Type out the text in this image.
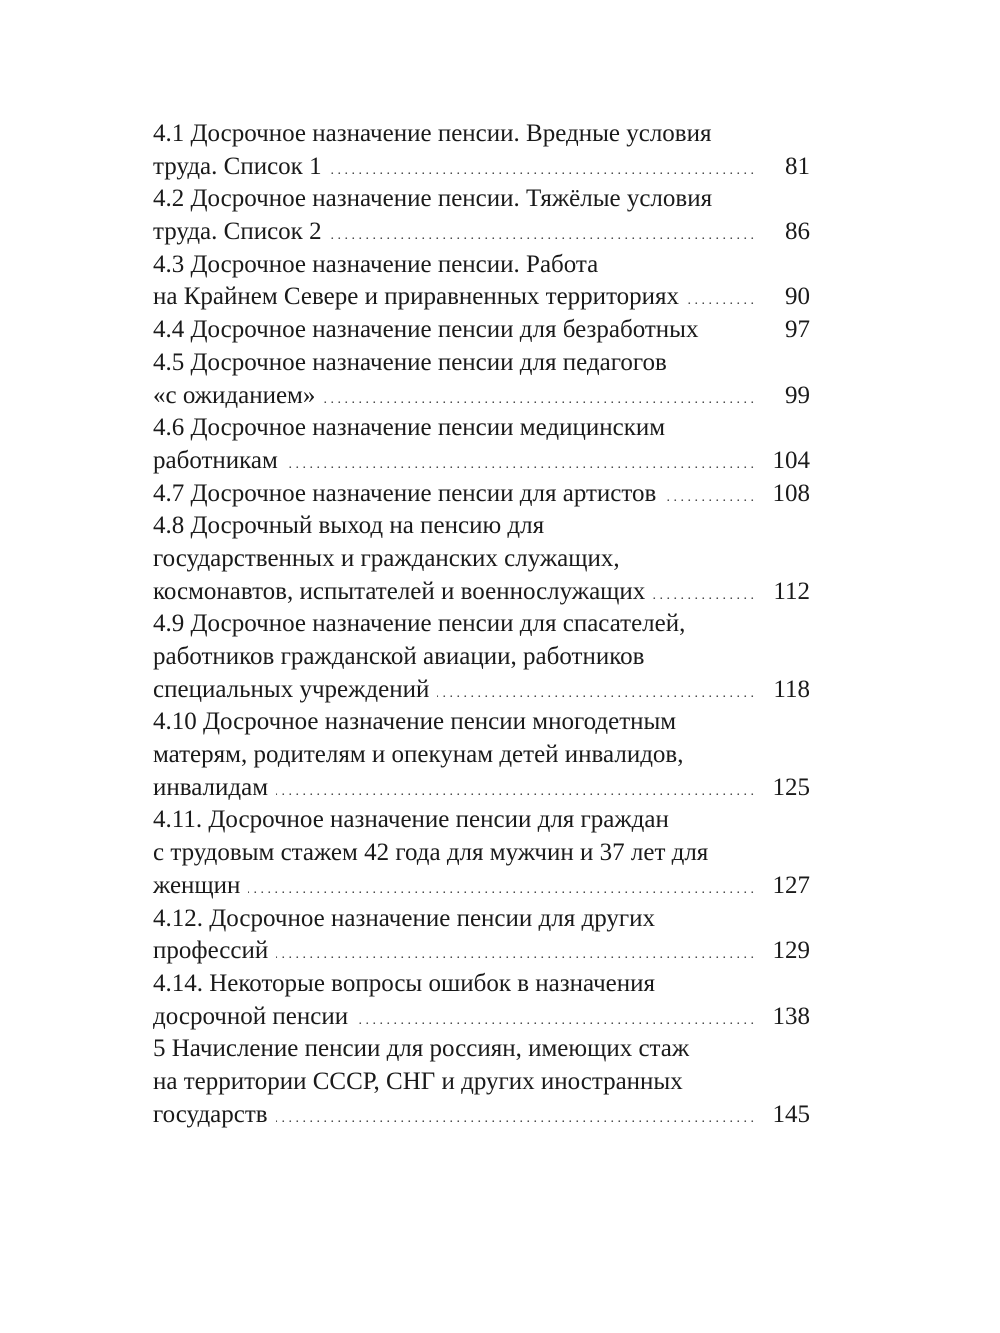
4.1 Досрочное назначение пенсии. Вредные условия
труда. Список 1 . . .	81
4.2 Досрочное назначение пенсии. Тяжёлые условия
труда. Список 2 . . .	86
4.3 Досрочное назначение пенсии. Работа
на Крайнем Севере и приравненных территориях . . .	90
4.4 Досрочное назначение пенсии для безработных	97
4.5 Досрочное назначение пенсии для педагогов
«с ожиданием» . . .	99
4.6 Досрочное назначение пенсии медицинским
работникам . . .	104
4.7 Досрочное назначение пенсии для артистов . . .	108
4.8 Досрочный выход на пенсию для
государственных и гражданских служащих,
космонавтов, испытателей и военнослужащих . . .	112
4.9 Досрочное назначение пенсии для спасателей,
работников гражданской авиации, работников
специальных учреждений . . .	118
4.10 Досрочное назначение пенсии многодетным
матерям, родителям и опекунам детей инвалидов,
инвалидам . . .	125
4.11. Досрочное назначение пенсии для граждан
с трудовым стажем 42 года для мужчин и 37 лет для
женщин . . .	127
4.12. Досрочное назначение пенсии для других
профессий . . .	129
4.14. Некоторые вопросы ошибок в назначения
досрочной пенсии . . .	138
5 Начисление пенсии для россиян, имеющих стаж
на территории СССР, СНГ и других иностранных
государств . . .	145
